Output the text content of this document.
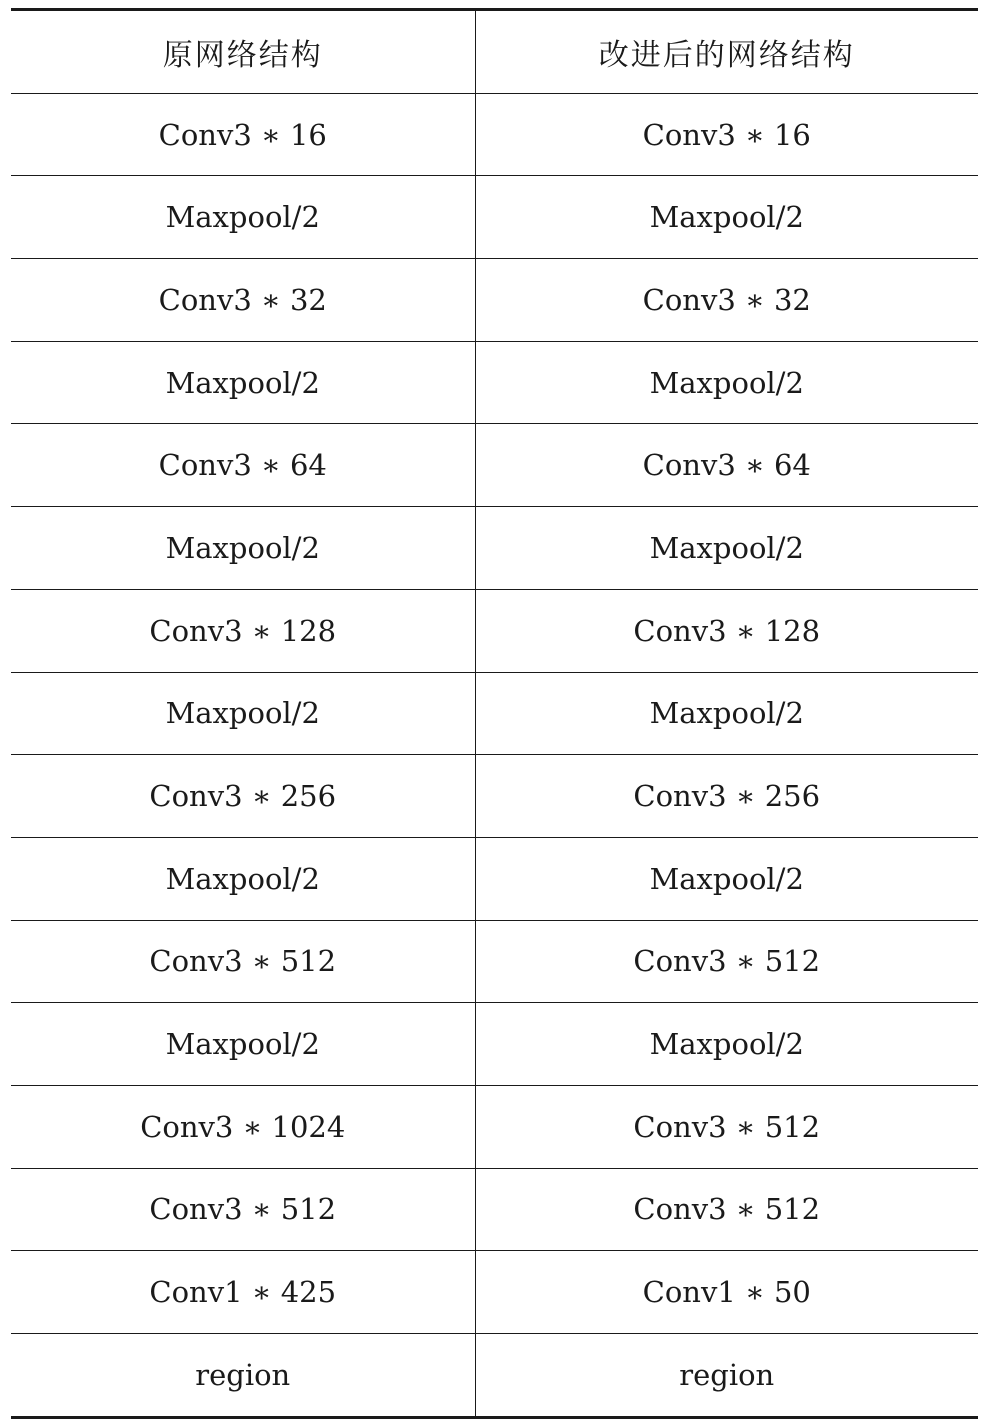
原网络结构	改进后的网络结构
Conv3 ∗ 16	Conv3 ∗ 16
Maxpool/2	Maxpool/2
Conv3 ∗ 32	Conv3 ∗ 32
Maxpool/2	Maxpool/2
Conv3 ∗ 64	Conv3 ∗ 64
Maxpool/2	Maxpool/2
Conv3 ∗ 128	Conv3 ∗ 128
Maxpool/2	Maxpool/2
Conv3 ∗ 256	Conv3 ∗ 256
Maxpool/2	Maxpool/2
Conv3 ∗ 512	Conv3 ∗ 512
Maxpool/2	Maxpool/2
Conv3 ∗ 1024	Conv3 ∗ 512
Conv3 ∗ 512	Conv3 ∗ 512
Conv1 ∗ 425	Conv1 ∗ 50
region	region
